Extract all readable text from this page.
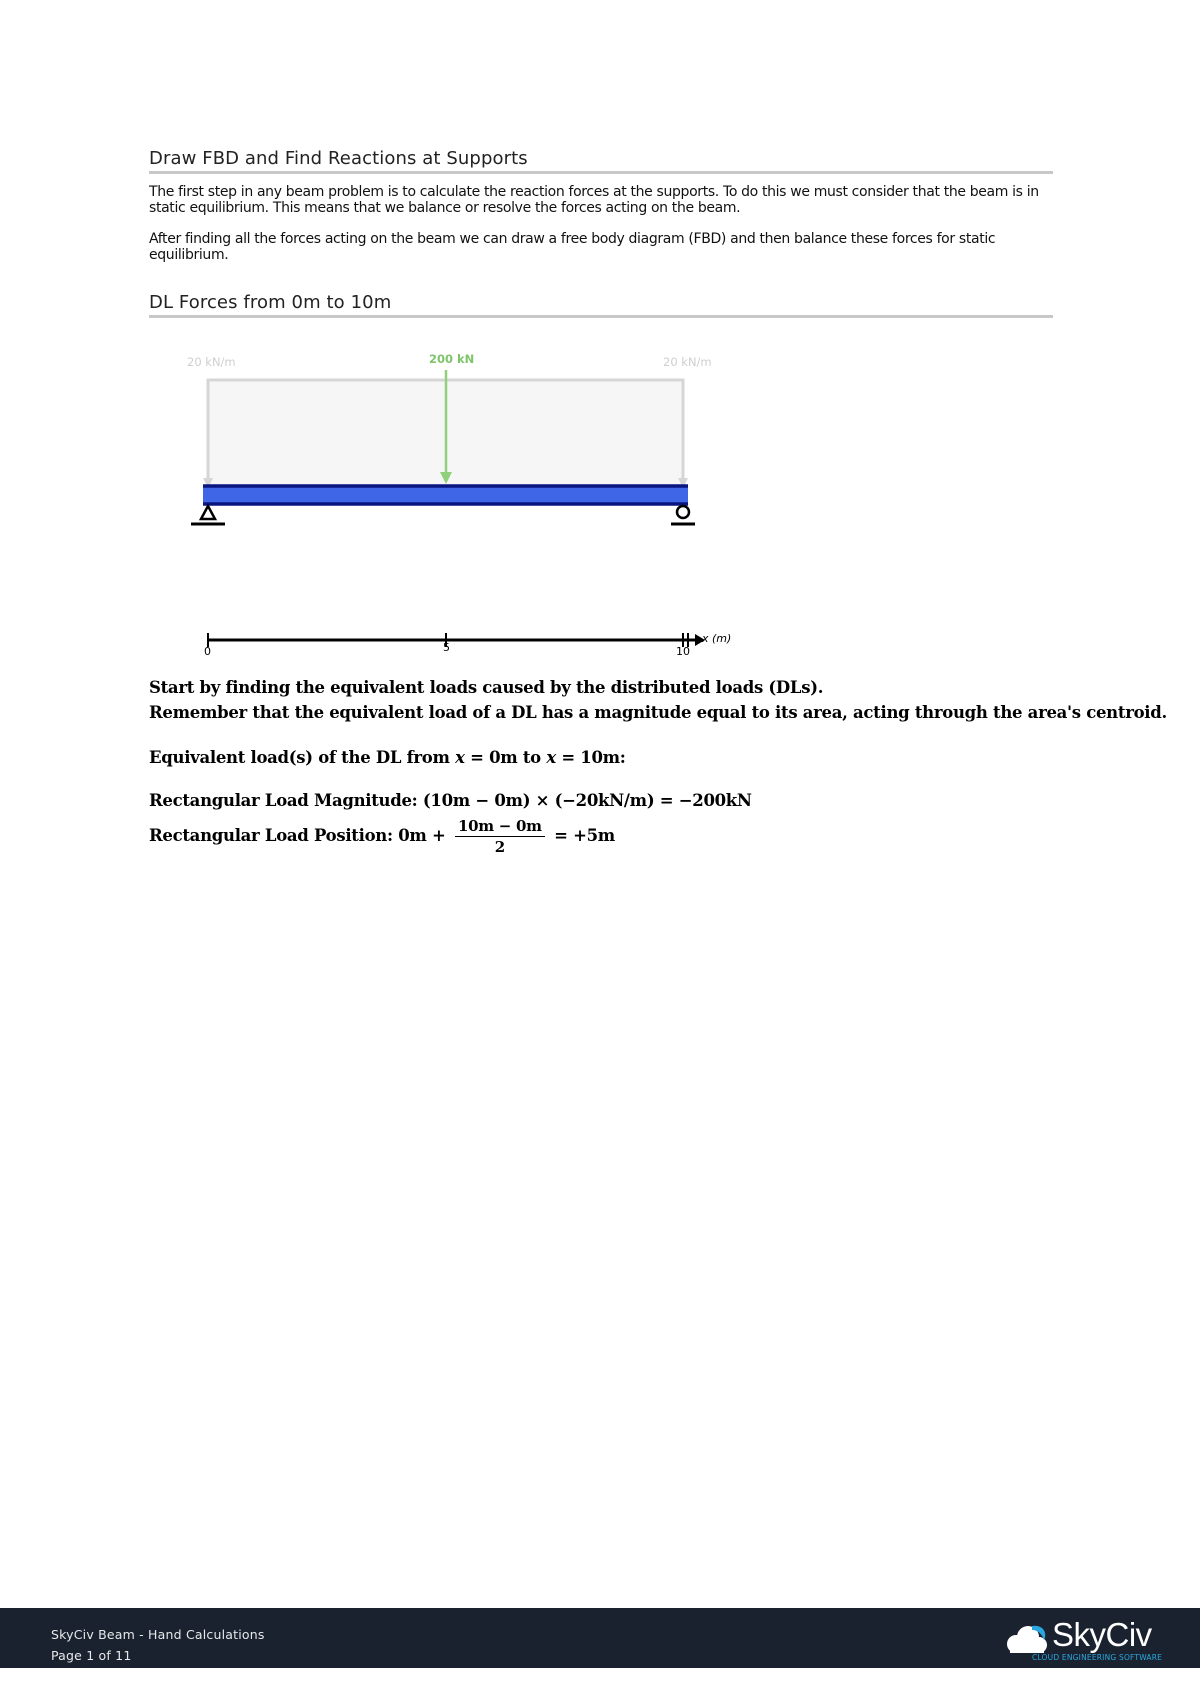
Draw FBD and Find Reactions at Supports

The first step in any beam problem is to calculate the reaction forces at the supports. To do this we must consider that the beam is in static equilibrium. This means that we balance or resolve the forces acting on the beam.

After finding all the forces acting on the beam we can draw a free body diagram (FBD) and then balance these forces for static equilibrium.

DL Forces from 0m to 10m
20 kN/m	20 kN/m
200 kN
0	5	10
x (m)
Start by finding the equivalent loads caused by the distributed loads (DLs).
Remember that the equivalent load of a DL has a magnitude equal to its area, acting through the area's centroid.
Equivalent load(s) of the DL from x = 0m to x = 10m:
Rectangular Load Magnitude: (10m − 0m) × (−20kN/m) = −200kN
Rectangular Load Position: $0m + \frac{10m - 0m}{2} = +5m$
SkyCiv Beam - Hand Calculations
Page 1 of 11
SkyCiv
CLOUD ENGINEERING SOFTWARE
